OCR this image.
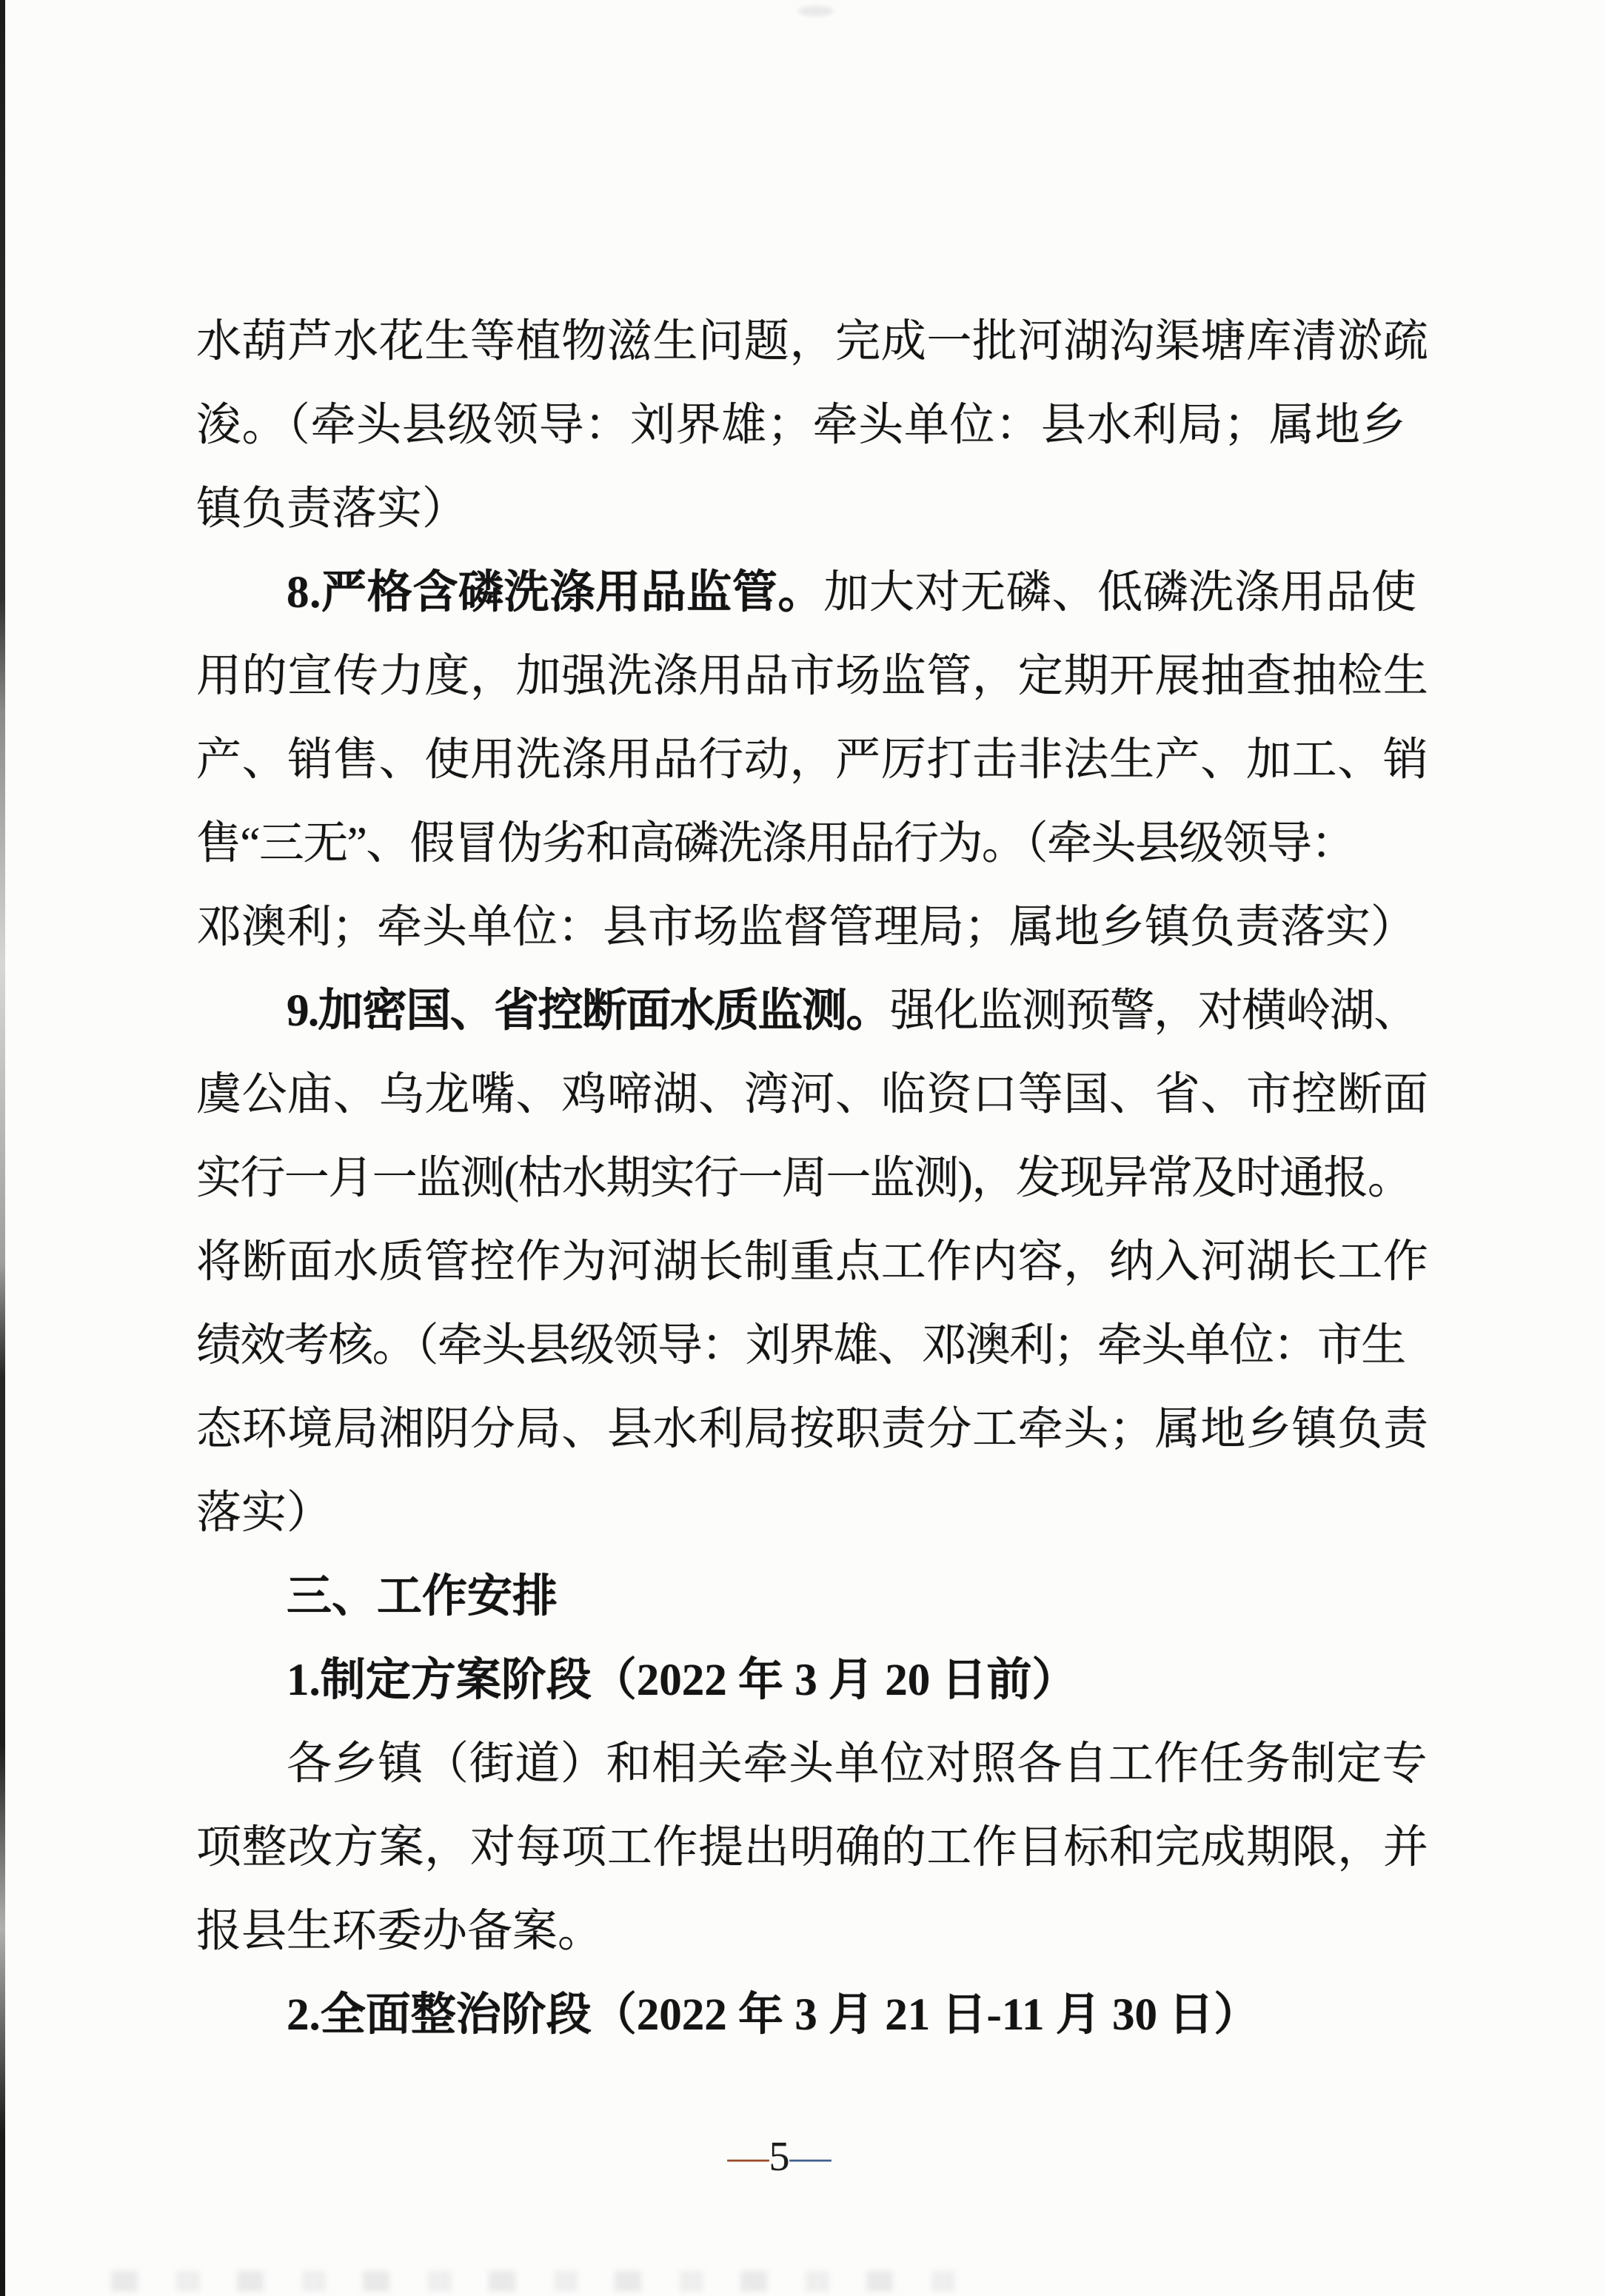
水葫芦水花生等植物滋生问题，完成一批河湖沟渠塘库清淤疏
浚。（牵头县级领导：刘界雄；牵头单位：县水利局；属地乡
镇负责落实）
8.严格含磷洗涤用品监管。加大对无磷、低磷洗涤用品使
用的宣传力度，加强洗涤用品市场监管，定期开展抽查抽检生
产、销售、使用洗涤用品行动，严厉打击非法生产、加工、销
售“三无”、假冒伪劣和高磷洗涤用品行为。（牵头县级领导：
邓澳利；牵头单位：县市场监督管理局；属地乡镇负责落实）
9.加密国、省控断面水质监测。强化监测预警，对横岭湖、
虞公庙、乌龙嘴、鸡啼湖、湾河、临资口等国、省、市控断面
实行一月一监测(枯水期实行一周一监测)，发现异常及时通报。
将断面水质管控作为河湖长制重点工作内容，纳入河湖长工作
绩效考核。（牵头县级领导：刘界雄、邓澳利；牵头单位：市生
态环境局湘阴分局、县水利局按职责分工牵头；属地乡镇负责
落实）
三、工作安排
1.制定方案阶段（2022 年 3 月 20 日前）
各乡镇（街道）和相关牵头单位对照各自工作任务制定专
项整改方案，对每项工作提出明确的工作目标和完成期限，并
报县生环委办备案。
2.全面整治阶段（2022 年 3 月 21 日-11 月 30 日）
—5—
